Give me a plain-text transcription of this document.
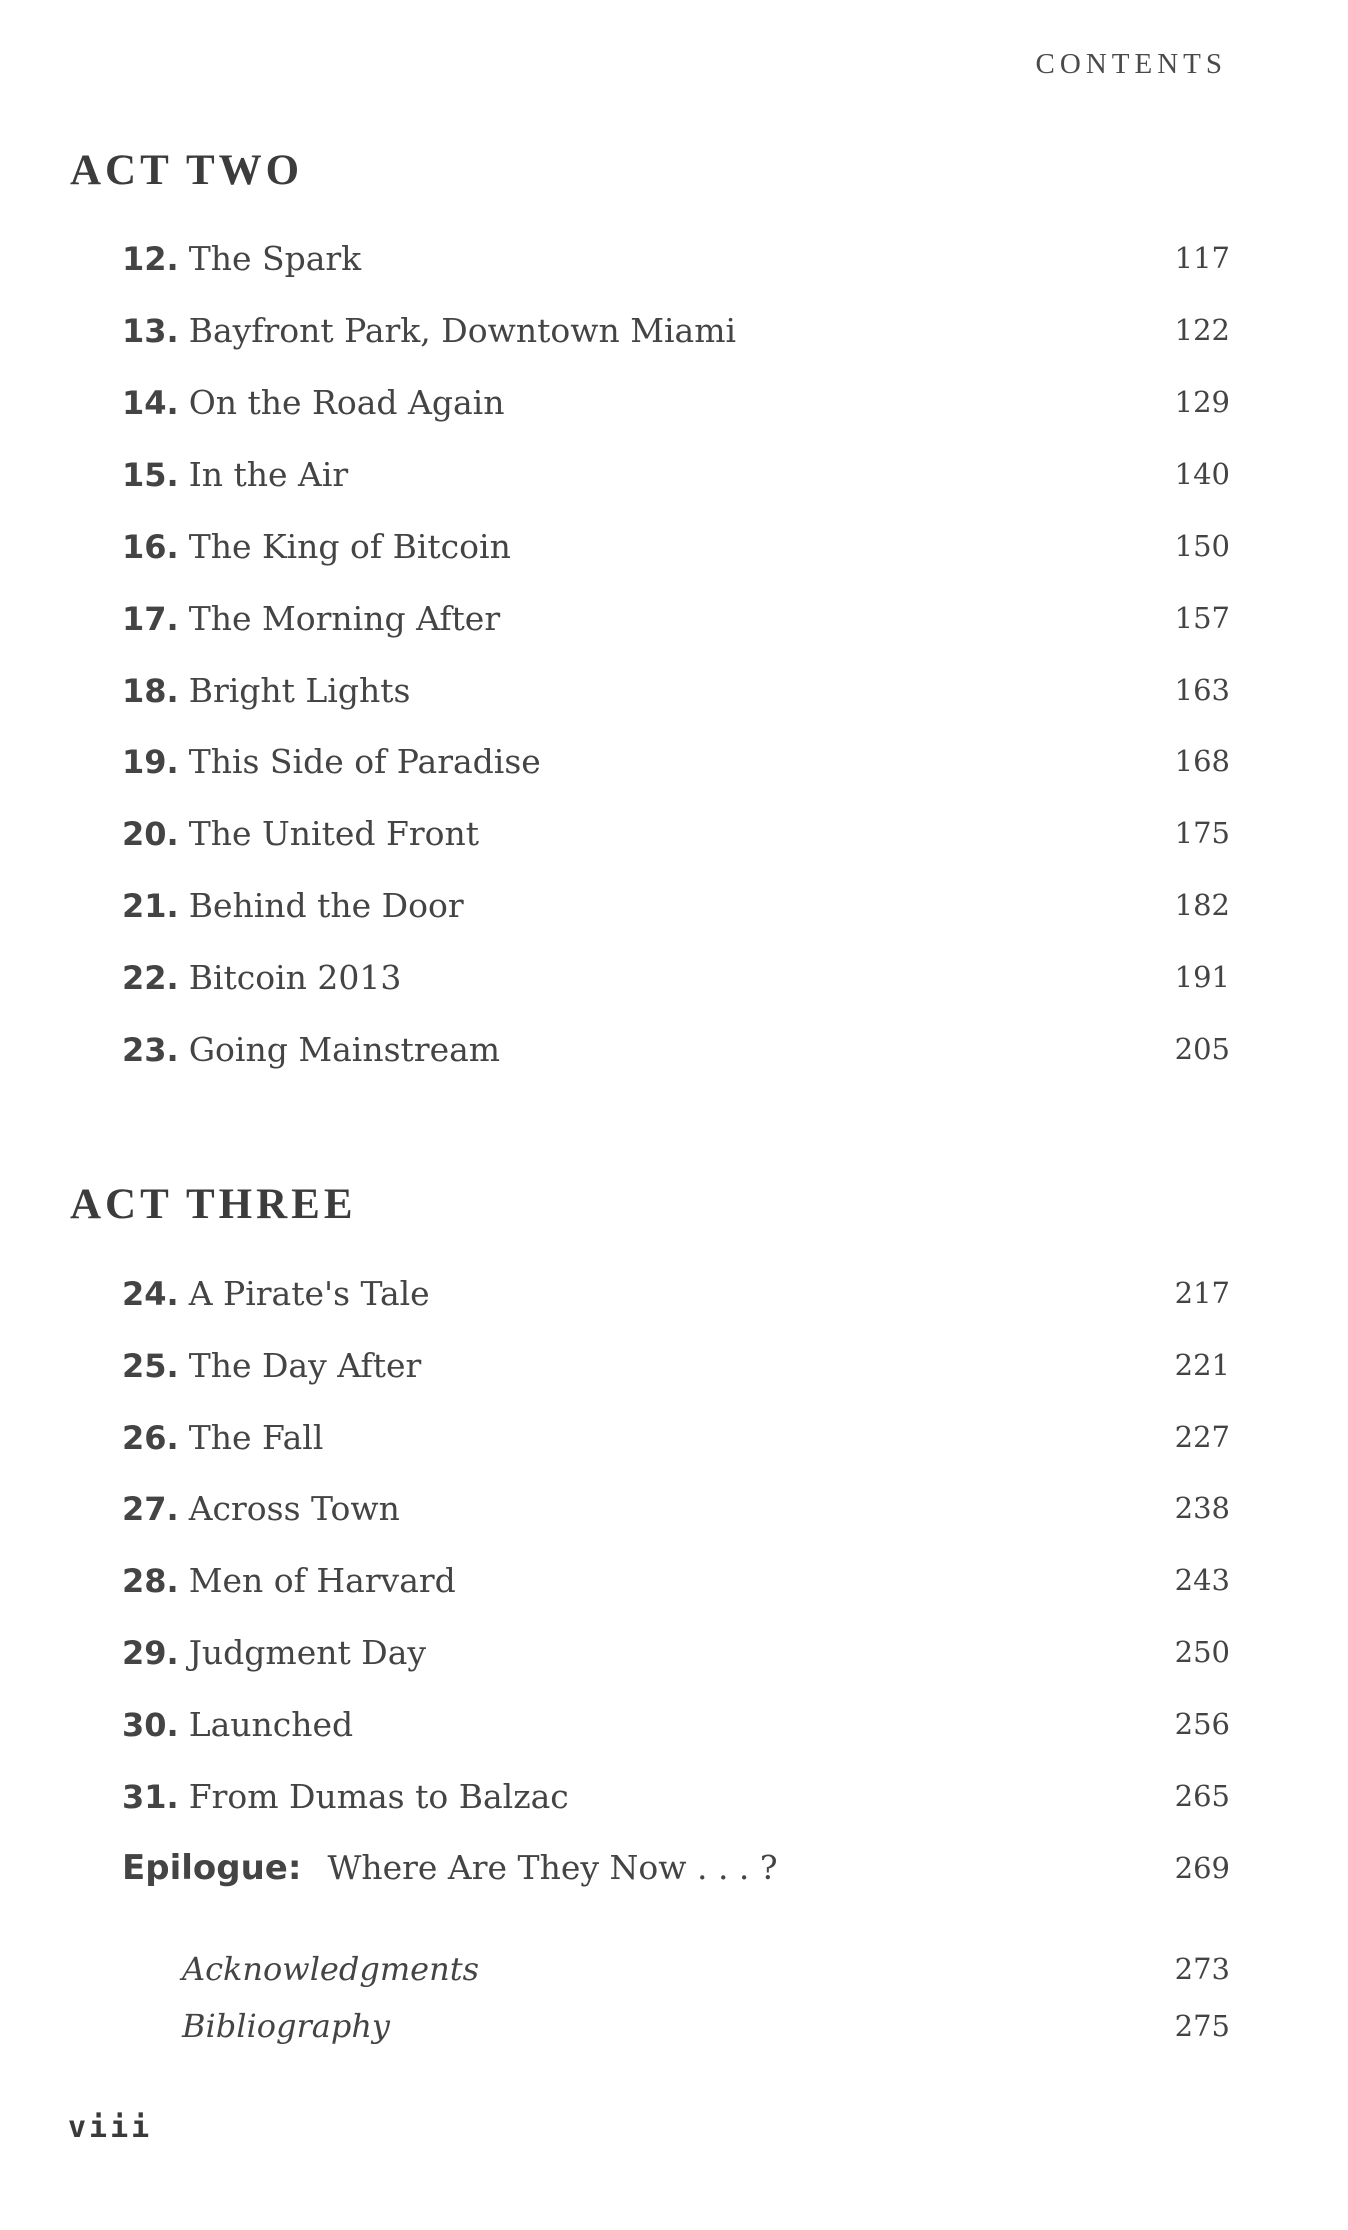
CONTENTS
ACT TWO
12. The Spark	117
13. Bayfront Park, Downtown Miami	122
14. On the Road Again	129
15. In the Air	140
16. The King of Bitcoin	150
17. The Morning After	157
18. Bright Lights	163
19. This Side of Paradise	168
20. The United Front	175
21. Behind the Door	182
22. Bitcoin 2013	191
23. Going Mainstream	205
ACT THREE
24. A Pirate's Tale	217
25. The Day After	221
26. The Fall	227
27. Across Town	238
28. Men of Harvard	243
29. Judgment Day	250
30. Launched	256
31. From Dumas to Balzac	265
Epilogue: Where Are They Now . . . ?	269
Acknowledgments	273
Bibliography	275
viii
